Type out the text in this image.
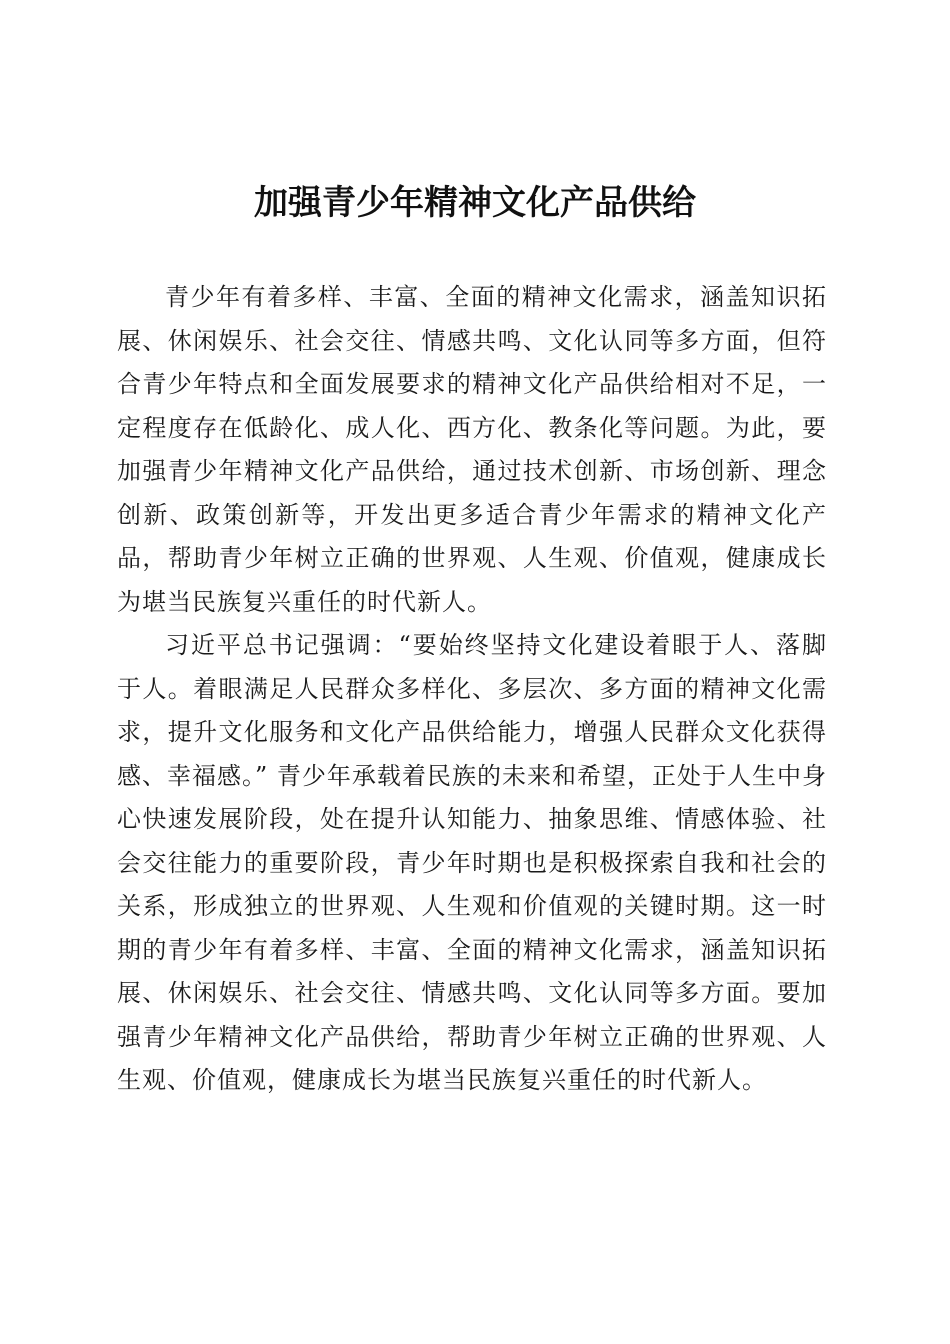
加强青少年精神文化产品供给

青少年有着多样、丰富、全面的精神文化需求，涵盖知识拓展、休闲娱乐、社会交往、情感共鸣、文化认同等多方面，但符合青少年特点和全面发展要求的精神文化产品供给相对不足，一定程度存在低龄化、成人化、西方化、教条化等问题。为此，要加强青少年精神文化产品供给，通过技术创新、市场创新、理念创新、政策创新等，开发出更多适合青少年需求的精神文化产品，帮助青少年树立正确的世界观、人生观、价值观，健康成长为堪当民族复兴重任的时代新人。

习近平总书记强调：“要始终坚持文化建设着眼于人、落脚于人。着眼满足人民群众多样化、多层次、多方面的精神文化需求，提升文化服务和文化产品供给能力，增强人民群众文化获得感、幸福感。” 青少年承载着民族的未来和希望，正处于人生中身心快速发展阶段，处在提升认知能力、抽象思维、情感体验、社会交往能力的重要阶段，青少年时期也是积极探索自我和社会的关系，形成独立的世界观、人生观和价值观的关键时期。这一时期的青少年有着多样、丰富、全面的精神文化需求，涵盖知识拓展、休闲娱乐、社会交往、情感共鸣、文化认同等多方面。要加强青少年精神文化产品供给，帮助青少年树立正确的世界观、人生观、价值观，健康成长为堪当民族复兴重任的时代新人。
